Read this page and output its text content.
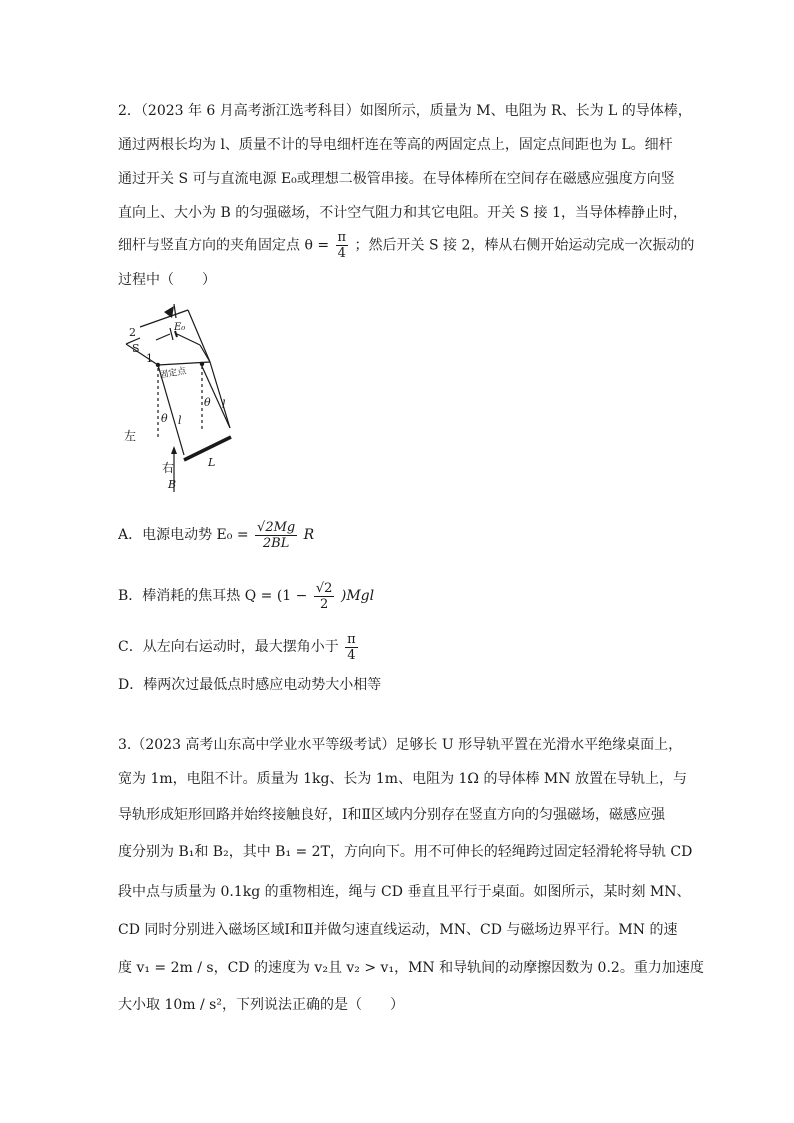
2．（2023 年 6 月高考浙江选考科目）如图所示，质量为 M、电阻为 R、长为 L 的导体棒，
通过两根长均为 l、质量不计的导电细杆连在等高的两固定点上，固定点间距也为 L。细杆
通过开关 S 可与直流电源 E₀或理想二极管串接。在导体棒所在空间存在磁感应强度方向竖
直向上、大小为 B 的匀强磁场，不计空气阻力和其它电阻。开关 S 接 1，当导体棒静止时，
细杆与竖直方向的夹角固定点 $\theta = \frac{\pi}{4}$ ；然后开关 S 接 2，棒从右侧开始运动完成一次振动的
过程中（　　）
2
S
1
E₀
固定点
θ
θ
l
l
L
左
右
B
A．电源电动势 $E_0 = \frac{√2Mg}{2BL}$ R
B．棒消耗的焦耳热 $Q = (1 - \frac{√2}{2} )Mgl$
C．从左向右运动时，最大摆角小于 $\frac{\pi}{4}$
D．棒两次过最低点时感应电动势大小相等
3.（2023 高考山东高中学业水平等级考试）足够长 U 形导轨平置在光滑水平绝缘桌面上，
宽为 1m，电阻不计。质量为 1kg、长为 1m、电阻为 1Ω 的导体棒 MN 放置在导轨上，与
导轨形成矩形回路并始终接触良好，Ⅰ和Ⅱ区域内分别存在竖直方向的匀强磁场，磁感应强
度分别为 B₁和 B₂，其中 B₁ = 2T，方向向下。用不可伸长的轻绳跨过固定轻滑轮将导轨 CD
段中点与质量为 0.1kg 的重物相连，绳与 CD 垂直且平行于桌面。如图所示，某时刻 MN、
CD 同时分别进入磁场区域Ⅰ和Ⅱ并做匀速直线运动，MN、CD 与磁场边界平行。MN 的速
度 v₁ = 2m / s，CD 的速度为 v₂且 v₂ > v₁，MN 和导轨间的动摩擦因数为 0.2。重力加速度
大小取 10m / s²，下列说法正确的是（　　）
